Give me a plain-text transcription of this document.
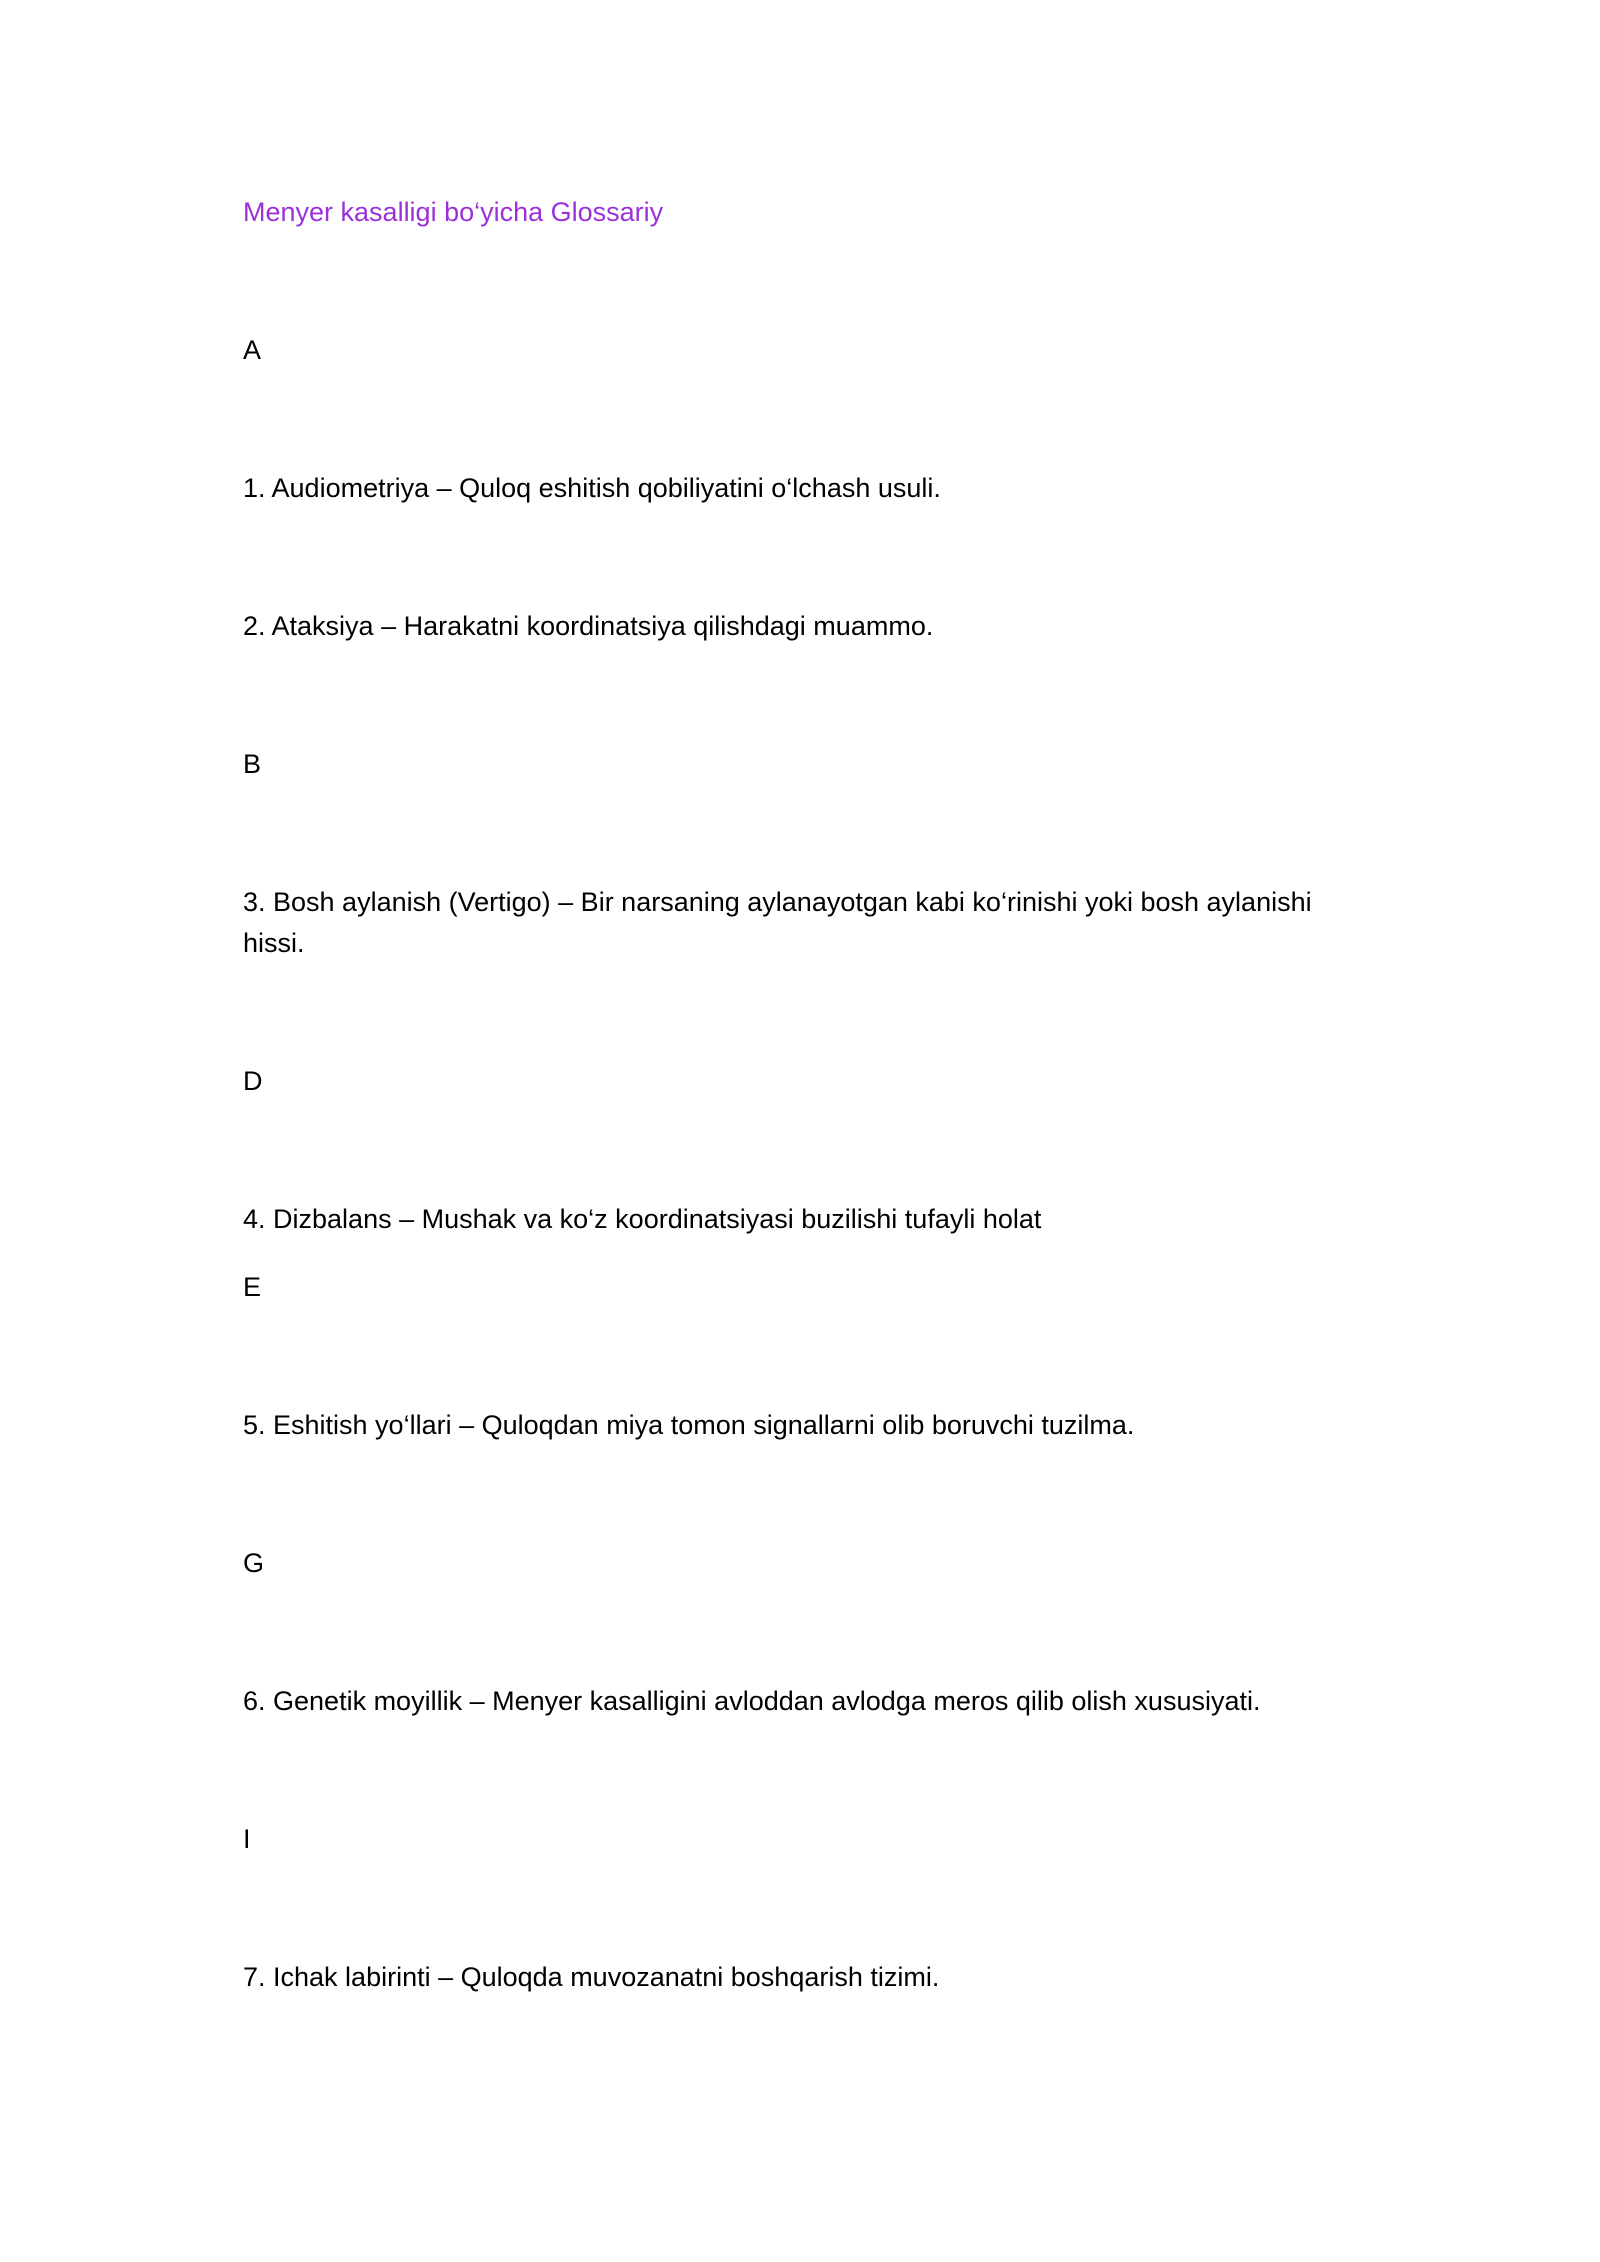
Menyer kasalligi bo‘yicha Glossariy
A
1. Audiometriya – Quloq eshitish qobiliyatini o‘lchash usuli.
2. Ataksiya – Harakatni koordinatsiya qilishdagi muammo.
B
3. Bosh aylanish (Vertigo) – Bir narsaning aylanayotgan kabi ko‘rinishi yoki bosh aylanishi hissi.
D
4. Dizbalans – Mushak va ko‘z koordinatsiyasi buzilishi tufayli holat
E
5. Eshitish yo‘llari – Quloqdan miya tomon signallarni olib boruvchi tuzilma.
G
6. Genetik moyillik – Menyer kasalligini avloddan avlodga meros qilib olish xususiyati.
I
7. Ichak labirinti – Quloqda muvozanatni boshqarish tizimi.
